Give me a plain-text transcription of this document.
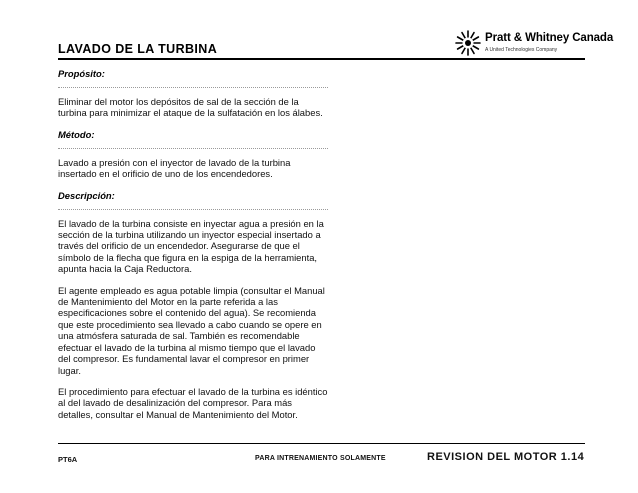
LAVADO DE LA TURBINA
Pratt & Whitney Canada
A United Technologies Company
Propósito:
Eliminar del motor los depósitos de sal de la sección de la turbina para minimizar el ataque de la sulfatación en los álabes.
Método:
Lavado a presión con el inyector de lavado de la turbina insertado en el orificio de uno de los encendedores.
Descripción:
El lavado de la turbina consiste en inyectar agua a presión en la sección de la turbina utilizando un inyector especial insertado a través del orificio de un encendedor. Asegurarse de que el símbolo de la flecha que figura en la espiga de la herramienta, apunta hacia la Caja Reductora.
El agente empleado es agua potable limpia (consultar el Manual de Mantenimiento del Motor en la parte referida a las especificaciones sobre el contenido del agua). Se recomienda que este procedimiento sea llevado a cabo cuando se opere en una atmósfera saturada de sal. También es recomendable efectuar el lavado de la turbina al mismo tiempo que el lavado del compresor. Es fundamental lavar el compresor en primer lugar.
El procedimiento para efectuar el lavado de la turbina es idéntico al del lavado de desalinización del compresor. Para más detalles, consultar el Manual de Mantenimiento del Motor.
PT6A	PARA INTRENAMIENTO SOLAMENTE	REVISION DEL MOTOR 1.14
